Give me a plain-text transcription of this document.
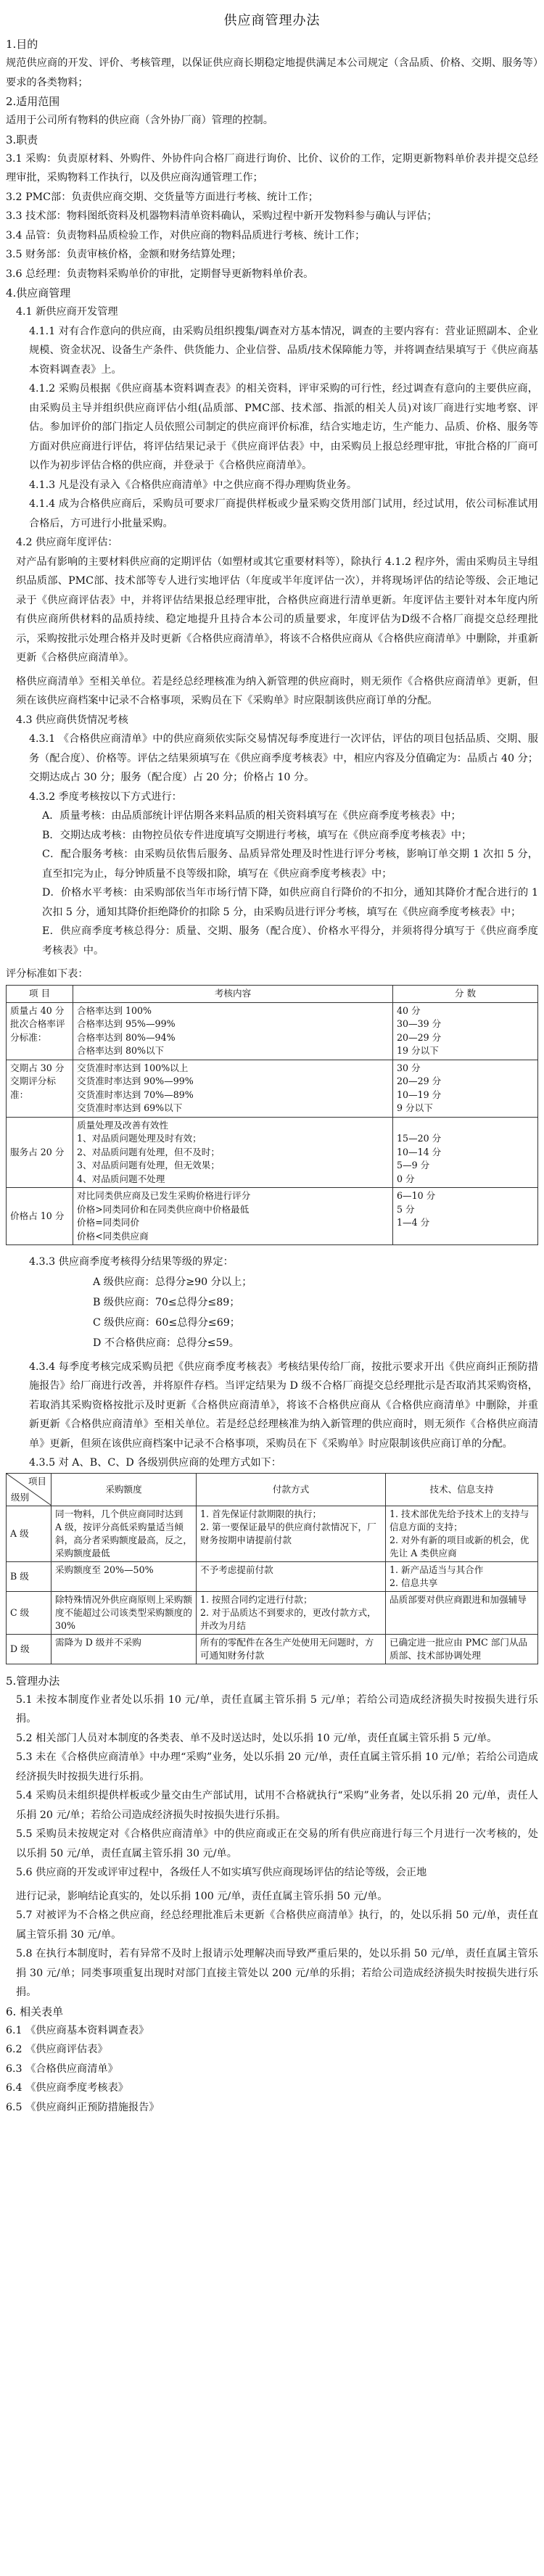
供应商管理办法

1.目的

规范供应商的开发、评价、考核管理，以保证供应商长期稳定地提供满足本公司规定（含品质、价格、交期、服务等）要求的各类物料；

2.适用范围

适用于公司所有物料的供应商（含外协厂商）管理的控制。

3.职责

3.1 采购：负责原材料、外购件、外协件向合格厂商进行询价、比价、议价的工作，定期更新物料单价表并提交总经理审批，采购物料工作执行，以及供应商沟通管理工作；

3.2 PMC部：负责供应商交期、交货量等方面进行考核、统计工作；

3.3 技术部：物料图纸资料及机器物料清单资料确认，采购过程中新开发物料参与确认与评估；

3.4 品管：负责物料品质检验工作，对供应商的物料品质进行考核、统计工作；

3.5 财务部：负责审核价格，金额和财务结算处理；

3.6 总经理：负责物料采购单价的审批，定期督导更新物料单价表。

4.供应商管理

4.1 新供应商开发管理

4.1.1 对有合作意向的供应商，由采购员组织搜集/调查对方基本情况，调查的主要内容有：营业证照副本、企业规模、资金状况、设备生产条件、供货能力、企业信誉、品质/技术保障能力等，并将调查结果填写于《供应商基本资料调查表》上。

4.1.2 采购员根据《供应商基本资料调查表》的相关资料，评审采购的可行性，经过调查有意向的主要供应商，由采购员主导并组织供应商评估小组(品质部、PMC部、技术部、指派的相关人员)对该厂商进行实地考察、评估。参加评价的部门指定人员依照公司制定的供应商评价标准，结合实地走访，生产能力、品质、价格、服务等方面对供应商进行评估，将评估结果记录于《供应商评估表》中，由采购员上报总经理审批，审批合格的厂商可以作为初步评估合格的供应商，并登录于《合格供应商清单》。

4.1.3 凡是没有录入《合格供应商清单》中之供应商不得办理购货业务。

4.1.4 成为合格供应商后，采购员可要求厂商提供样板或少量采购交货用部门试用，经过试用，依公司标准试用合格后，方可进行小批量采购。

4.2 供应商年度评估：

对产品有影响的主要材料供应商的定期评估（如塑材或其它重要材料等），除执行 4.1.2 程序外，需由采购员主导组织品质部、PMC部、技术部等专人进行实地评估（年度或半年度评估一次），并将现场评估的结论等级、会正地记录于《供应商评估表》中，并将评估结果报总经理审批，合格供应商进行清单更新。年度评估主要针对本年度内所有供应商所供材料的品质持续、稳定地提升且持合本公司的质量要求，年度评估为D级不合格厂商提交总经理批示，采购按批示处理合格并及时更新《合格供应商清单》，将该不合格供应商从《合格供应商清单》中删除，并重新更新《合格供应商清单》。

格供应商清单》至相关单位。若是经总经理核准为纳入新管理的供应商时，则无须作《合格供应商清单》更新，但须在该供应商档案中记录不合格事项，采购员在下《采购单》时应限制该供应商订单的分配。

4.3 供应商供货情况考核

4.3.1 《合格供应商清单》中的供应商须依实际交易情况每季度进行一次评估，评估的项目包括品质、交期、服务（配合度）、价格等。评估之结果须填写在《供应商季度考核表》中，相应内容及分值确定为：品质占 40 分；交期达成占 30 分；服务（配合度）占 20 分；价格占 10 分。

4.3.2 季度考核按以下方式进行：

A．质量考核：由品质部统计评估期各来料品质的相关资料填写在《供应商季度考核表》中；

B．交期达成考核：由物控员依专件进度填写交期进行考核，填写在《供应商季度考核表》中；

C．配合服务考核：由采购员依售后服务、品质异常处理及时性进行评分考核，影响订单交期 1 次扣 5 分，直至扣完为止，每分钟质量不良等级扣除，填写在《供应商季度考核表》中；

D．价格水平考核：由采购部依当年市场行情下降，如供应商自行降价的不扣分，通知其降价才配合进行的 1 次扣 5 分，通知其降价拒绝降价的扣除 5 分，由采购员进行评分考核，填写在《供应商季度考核表》中；

E．供应商季度考核总得分：质量、交期、服务（配合度）、价格水平得分，并须将得分填写于《供应商季度考核表》中。

评分标准如下表：

项 目	考核内容	分 数

质量占 40 分
批次合格率评分标准：	合格率达到 100%
合格率达到 95%—99%
合格率达到 80%—94%
合格率达到 80%以下	40 分
30—39 分
20—29 分
19 分以下

交期占 30 分
交期评分标准：	交货准时率达到 100%以上
交货准时率达到 90%—99%
交货准时率达到 70%—89%
交货准时率达到 69%以下	30 分
20—29 分
10—19 分
9 分以下

服务占 20 分	质量处理及改善有效性
1、对品质问题处理及时有效；
2、对品质问题有处理，但不及时；
3、对品质问题有处理，但无效果；
4、对品质问题不处理	15—20 分
10—14 分
5—9 分
0 分

价格占 10 分	对比同类供应商及已发生采购价格进行评分
价格>同类同价和在同类供应商中价格最低
价格=同类同价
价格<同类供应商	6—10 分
5 分
1—4 分

4.3.3 供应商季度考核得分结果等级的界定：

A 级供应商：总得分≥90 分以上；
B 级供应商：70≤总得分≤89；
C 级供应商：60≤总得分≤69；
D 不合格供应商：总得分≤59。

4.3.4 每季度考核完成采购员把《供应商季度考核表》考核结果传给厂商，按批示要求开出《供应商纠正预防措施报告》给厂商进行改善，并将原件存档。当评定结果为 D 级不合格厂商提交总经理批示是否取消其采购资格，若取消其采购资格按批示及时更新《合格供应商清单》，将该不合格供应商从《合格供应商清单》中删除，并重新更新《合格供应商清单》至相关单位。若是经总经理核准为纳入新管理的供应商时，则无须作《合格供应商清单》更新，但须在该供应商档案中记录不合格事项，采购员在下《采购单》时应限制该供应商订单的分配。

4.3.5 对 A、B、C、D 各级别供应商的处理方式如下：

项目
级别	采购额度	付款方式	技术、信息支持
A 级	同一物料，几个供应商同时达到 A 级，按评分高低采购量适当倾斜，高分者采购额度最高，反之，采购额度最低	1. 首先保证付款期限的执行；
2. 第一要保证最早的供应商付款情况下，厂财务按期申请提前付款	1. 技术部优先给予技术上的支持与信息方面的支持；
2. 对外有新的项目或新的机会，优先让 A 类供应商
B 级	采购额度至 20%—50%	不予考虑提前付款	1. 新产品适当与其合作
2. 信息共享
C 级	除特殊情况外供应商原则上采购额度不能超过公司该类型采购额度的 30%	1. 按照合同约定进行付款；
2. 对于品质达不到要求的，更改付款方式，并改为月结	品质部要对供应商跟进和加强辅导
D 级	需降为 D 级并不采购	所有的零配件在各生产处使用无问题时，方可通知财务付款	已确定进一批应由 PMC 部门从品质部、技术部协调处理

5.管理办法

5.1 未按本制度作业者处以乐捐 10 元/单，责任直属主管乐捐 5 元/单；若给公司造成经济损失时按损失进行乐捐。

5.2 相关部门人员对本制度的各类表、单不及时送达时，处以乐捐 10 元/单，责任直属主管乐捐 5 元/单。

5.3 未在《合格供应商清单》中办理“采购”业务，处以乐捐 20 元/单，责任直属主管乐捐 10 元/单；若给公司造成经济损失时按损失进行乐捐。

5.4 采购员未组织提供样板或少量交由生产部试用，试用不合格就执行“采购”业务者，处以乐捐 20 元/单，责任人乐捐 20 元/单；若给公司造成经济损失时按损失进行乐捐。

5.5 采购员未按规定对《合格供应商清单》中的供应商或正在交易的所有供应商进行每三个月进行一次考核的，处以乐捐 50 元/单，责任直属主管乐捐 30 元/单。

5.6 供应商的开发或评审过程中，各级任人不如实填写供应商现场评估的结论等级，会正地

进行记录，影响结论真实的，处以乐捐 100 元/单，责任直属主管乐捐 50 元/单。

5.7 对被评为不合格之供应商，经总经理批准后未更新《合格供应商清单》执行，的，处以乐捐 50 元/单，责任直属主管乐捐 30 元/单。

5.8 在执行本制度时，若有异常不及时上报请示处理解决而导致严重后果的，处以乐捐 50 元/单，责任直属主管乐捐 30 元/单；同类事项重复出现时对部门直接主管处以 200 元/单的乐捐；若给公司造成经济损失时按损失进行乐捐。

6. 相关表单

6.1 《供应商基本资料调查表》

6.2 《供应商评估表》

6.3 《合格供应商清单》

6.4 《供应商季度考核表》

6.5 《供应商纠正预防措施报告》
